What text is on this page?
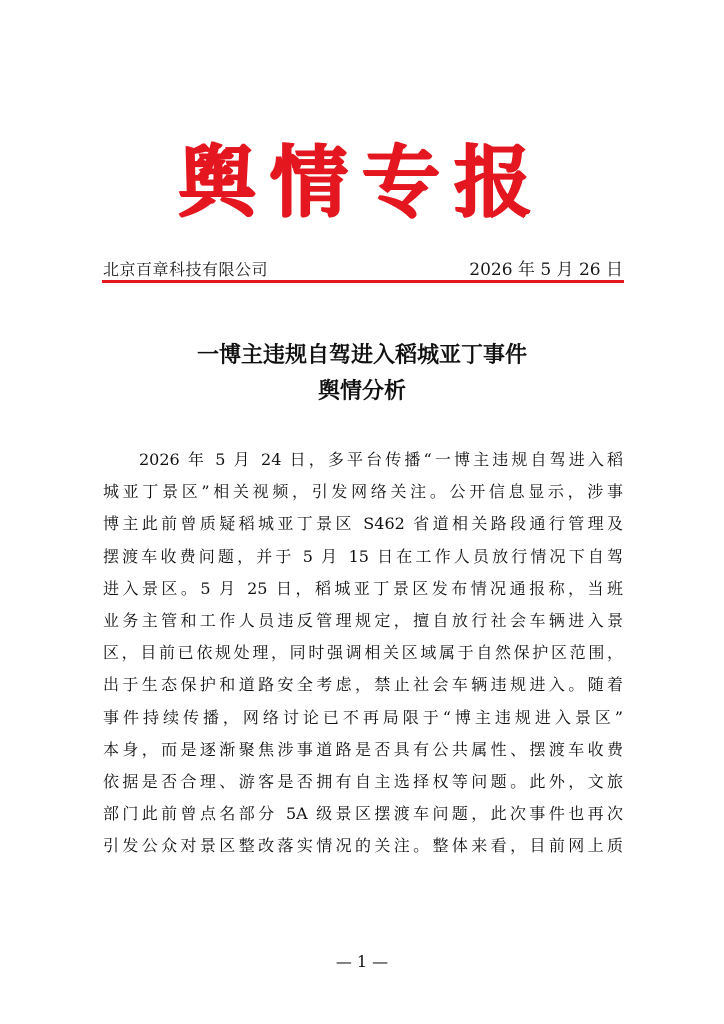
舆情专报
北京百章科技有限公司	2026 年 5 月 26 日
一博主违规自驾进入稻城亚丁事件
舆情分析
2026 年 5 月 24 日，多平台传播“一博主违规自驾进入稻
城亚丁景区”相关视频，引发网络关注。公开信息显示，涉事
博主此前曾质疑稻城亚丁景区 S462 省道相关路段通行管理及
摆渡车收费问题，并于 5 月 15 日在工作人员放行情况下自驾
进入景区。5 月 25 日，稻城亚丁景区发布情况通报称，当班
业务主管和工作人员违反管理规定，擅自放行社会车辆进入景
区，目前已依规处理，同时强调相关区域属于自然保护区范围，
出于生态保护和道路安全考虑，禁止社会车辆违规进入。随着
事件持续传播，网络讨论已不再局限于“博主违规进入景区”
本身，而是逐渐聚焦涉事道路是否具有公共属性、摆渡车收费
依据是否合理、游客是否拥有自主选择权等问题。此外，文旅
部门此前曾点名部分 5A 级景区摆渡车问题，此次事件也再次
引发公众对景区整改落实情况的关注。整体来看，目前网上质
— 1 —
